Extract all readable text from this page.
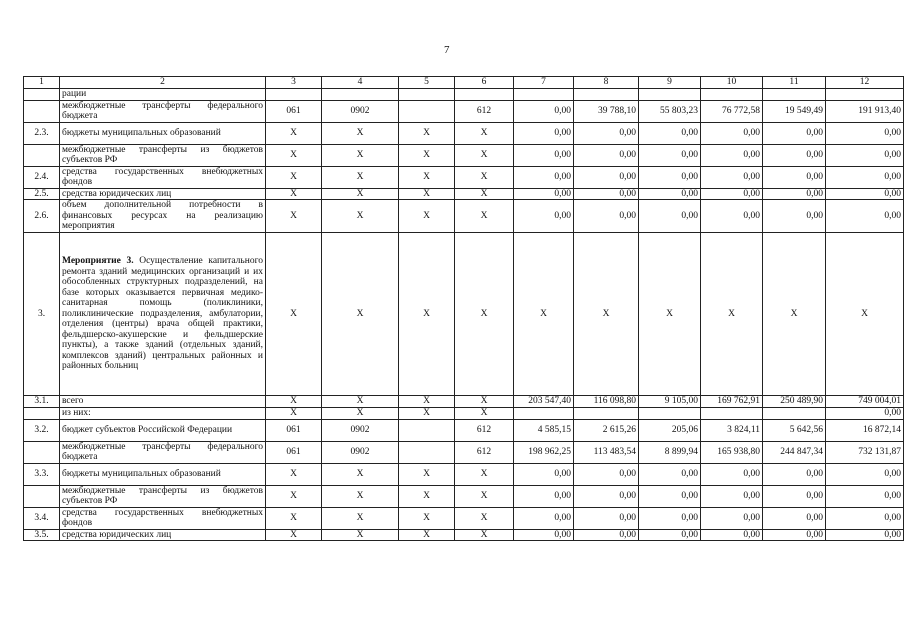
7
1	2	3	4	5	6	7	8	9	10	11	12
	рации										
	межбюджетные трансферты федерального бюджета	061	0902		612	0,00	39 788,10	55 803,23	76 772,58	19 549,49	191 913,40
2.3.	бюджеты муниципальных образований	X	X	X	X	0,00	0,00	0,00	0,00	0,00	0,00
	межбюджетные трансферты из бюджетов субъектов РФ	X	X	X	X	0,00	0,00	0,00	0,00	0,00	0,00
2.4.	средства государственных внебюджетных фондов	X	X	X	X	0,00	0,00	0,00	0,00	0,00	0,00
2.5.	средства юридических лиц	X	X	X	X	0,00	0,00	0,00	0,00	0,00	0,00
2.6.	объем дополнительной потребности в финансовых ресурсах на реализацию мероприятия	X	X	X	X	0,00	0,00	0,00	0,00	0,00	0,00
3.	Мероприятие 3. Осуществление капитального ремонта зданий медицинских организаций и их обособленных структурных подразделений, на базе которых оказывается первичная медико-санитарная помощь (поликлиники, поликлинические подразделения, амбулатории, отделения (центры) врача общей практики, фельдшерско-акушерские и фельдшерские пункты), а также зданий (отдельных зданий, комплексов зданий) центральных районных и районных больниц	X	X	X	X	X	X	X	X	X	X
3.1.	всего	X	X	X	X	203 547,40	116 098,80	9 105,00	169 762,91	250 489,90	749 004,01
	из них:	X	X	X	X						0,00
3.2.	бюджет субъектов Российской Федерации	061	0902		612	4 585,15	2 615,26	205,06	3 824,11	5 642,56	16 872,14
	межбюджетные трансферты федерального бюджета	061	0902		612	198 962,25	113 483,54	8 899,94	165 938,80	244 847,34	732 131,87
3.3.	бюджеты муниципальных образований	X	X	X	X	0,00	0,00	0,00	0,00	0,00	0,00
	межбюджетные трансферты из бюджетов субъектов РФ	X	X	X	X	0,00	0,00	0,00	0,00	0,00	0,00
3.4.	средства государственных внебюджетных фондов	X	X	X	X	0,00	0,00	0,00	0,00	0,00	0,00
3.5.	средства юридических лиц	X	X	X	X	0,00	0,00	0,00	0,00	0,00	0,00
